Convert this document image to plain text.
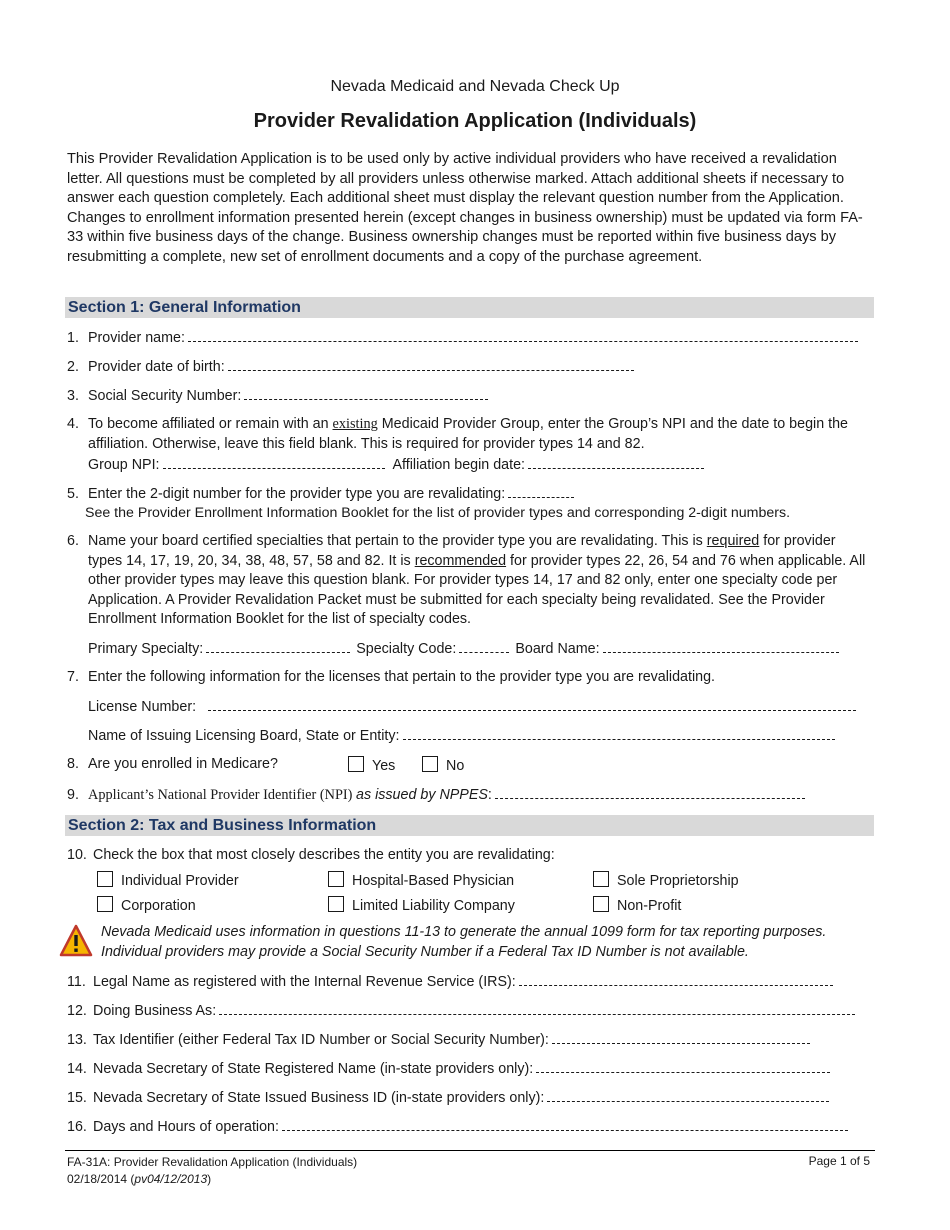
Nevada Medicaid and Nevada Check Up
Provider Revalidation Application (Individuals)
This Provider Revalidation Application is to be used only by active individual providers who have received a revalidation letter. All questions must be completed by all providers unless otherwise marked. Attach additional sheets if necessary to answer each question completely. Each additional sheet must display the relevant question number from the Application. Changes to enrollment information presented herein (except changes in business ownership) must be updated via form FA-33 within five business days of the change. Business ownership changes must be reported within five business days by resubmitting a complete, new set of enrollment documents and a copy of the purchase agreement.
Section 1: General Information
1. Provider name:
2. Provider date of birth:
3. Social Security Number:
4. To become affiliated or remain with an existing Medicaid Provider Group, enter the Group’s NPI and the date to begin the affiliation. Otherwise, leave this field blank. This is required for provider types 14 and 82.
Group NPI:	Affiliation begin date:
5. Enter the 2-digit number for the provider type you are revalidating:
See the Provider Enrollment Information Booklet for the list of provider types and corresponding 2-digit numbers.
6. Name your board certified specialties that pertain to the provider type you are revalidating. This is required for provider types 14, 17, 19, 20, 34, 38, 48, 57, 58 and 82. It is recommended for provider types 22, 26, 54 and 76 when applicable. All other provider types may leave this question blank. For provider types 14, 17 and 82 only, enter one specialty code per Application. A Provider Revalidation Packet must be submitted for each specialty being revalidated. See the Provider Enrollment Information Booklet for the list of specialty codes.
Primary Specialty:	Specialty Code:	Board Name:
7. Enter the following information for the licenses that pertain to the provider type you are revalidating.
License Number:
Name of Issuing Licensing Board, State or Entity:
8. Are you enrolled in Medicare?	Yes	No
9. Applicant’s National Provider Identifier (NPI) as issued by NPPES:
Section 2: Tax and Business Information
10. Check the box that most closely describes the entity you are revalidating:
Individual Provider	Hospital-Based Physician	Sole Proprietorship
Corporation	Limited Liability Company	Non-Profit
Nevada Medicaid uses information in questions 11-13 to generate the annual 1099 form for tax reporting purposes. Individual providers may provide a Social Security Number if a Federal Tax ID Number is not available.
11. Legal Name as registered with the Internal Revenue Service (IRS):
12. Doing Business As:
13. Tax Identifier (either Federal Tax ID Number or Social Security Number):
14. Nevada Secretary of State Registered Name (in-state providers only):
15. Nevada Secretary of State Issued Business ID (in-state providers only):
16. Days and Hours of operation:
FA-31A: Provider Revalidation Application (Individuals)
02/18/2014 (pv04/12/2013)
Page 1 of 5
